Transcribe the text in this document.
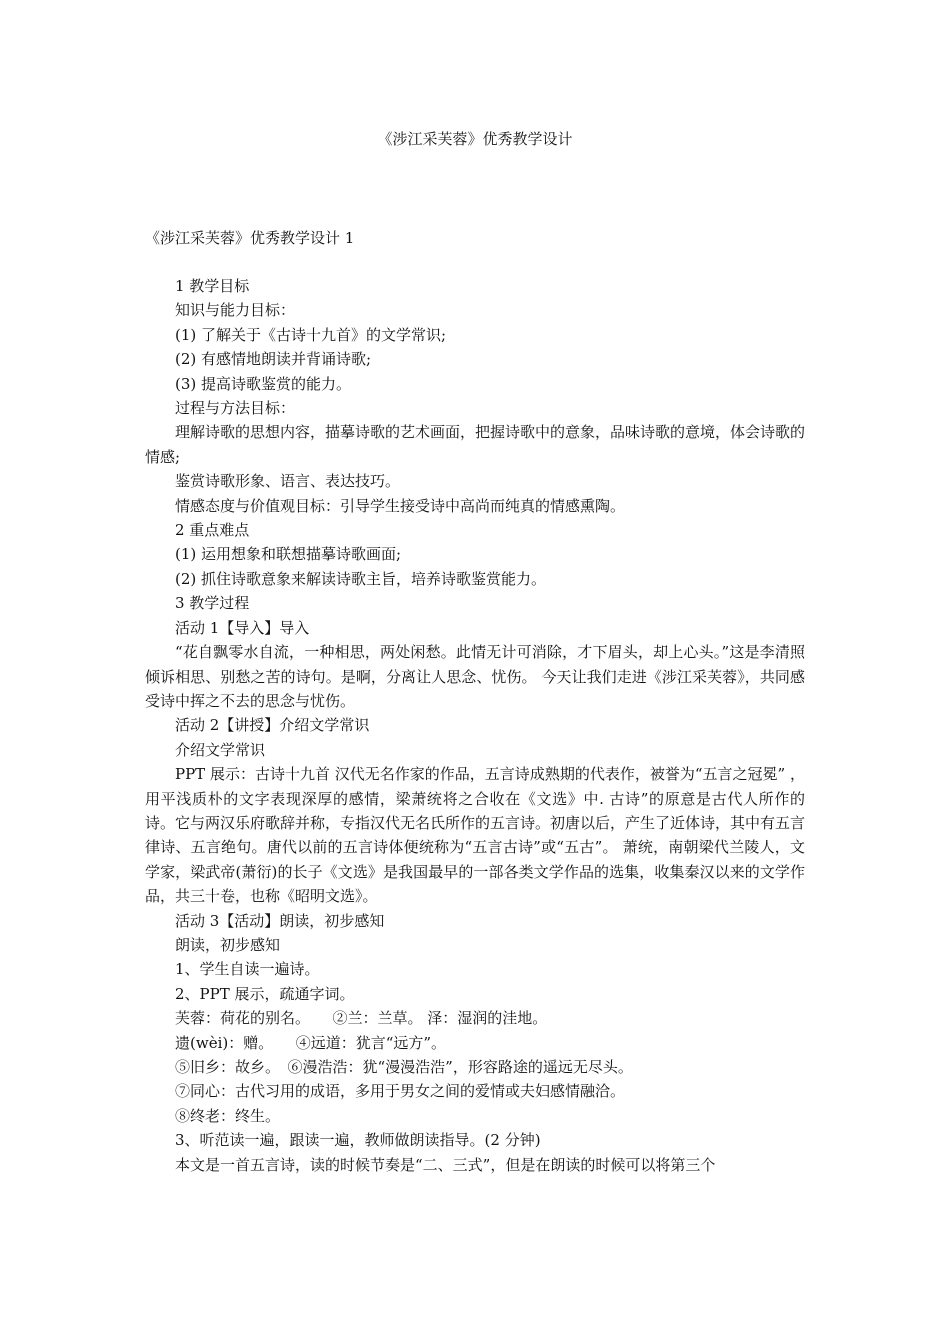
《涉江采芙蓉》优秀教学设计
《涉江采芙蓉》优秀教学设计 1

1 教学目标

知识与能力目标：

(1) 了解关于《古诗十九首》的文学常识;

(2) 有感情地朗读并背诵诗歌;

(3) 提高诗歌鉴赏的能力。

过程与方法目标：

理解诗歌的思想内容，描摹诗歌的艺术画面，把握诗歌中的意象，品味诗歌的意境，体会诗歌的情感;

鉴赏诗歌形象、语言、表达技巧。

情感态度与价值观目标：引导学生接受诗中高尚而纯真的情感熏陶。

2 重点难点

(1) 运用想象和联想描摹诗歌画面;

(2) 抓住诗歌意象来解读诗歌主旨，培养诗歌鉴赏能力。

3 教学过程

活动 1【导入】导入

“花自飘零水自流，一种相思，两处闲愁。此情无计可消除，才下眉头，却上心头。”这是李清照倾诉相思、别愁之苦的诗句。是啊，分离让人思念、忧伤。 今天让我们走进《涉江采芙蓉》，共同感受诗中挥之不去的思念与忧伤。

活动 2【讲授】介绍文学常识

介绍文学常识

PPT 展示：古诗十九首 汉代无名作家的作品，五言诗成熟期的代表作，被誉为“五言之冠冕” ，用平浅质朴的文字表现深厚的感情，梁萧统将之合收在《文选》中. 古诗”的原意是古代人所作的诗。它与两汉乐府歌辞并称，专指汉代无名氏所作的五言诗。初唐以后，产生了近体诗，其中有五言律诗、五言绝句。唐代以前的五言诗体便统称为“五言古诗”或“五古”。 萧统，南朝梁代兰陵人，文学家，梁武帝(萧衍)的长子《文选》是我国最早的一部各类文学作品的选集，收集秦汉以来的文学作品，共三十卷，也称《昭明文选》。

活动 3【活动】朗读，初步感知

朗读，初步感知

1、学生自读一遍诗。

2、PPT 展示，疏通字词。

芙蓉：荷花的别名。　　②兰：兰草。 泽：湿润的洼地。

遗(wèi)：赠。　　④远道：犹言“远方”。

⑤旧乡：故乡。　⑥漫浩浩：犹“漫漫浩浩”，形容路途的遥远无尽头。

⑦同心：古代习用的成语，多用于男女之间的爱情或夫妇感情融洽。

⑧终老：终生。

3、听范读一遍，跟读一遍，教师做朗读指导。(2 分钟)

本文是一首五言诗，读的时候节奏是“二、三式”，但是在朗读的时候可以将第三个
